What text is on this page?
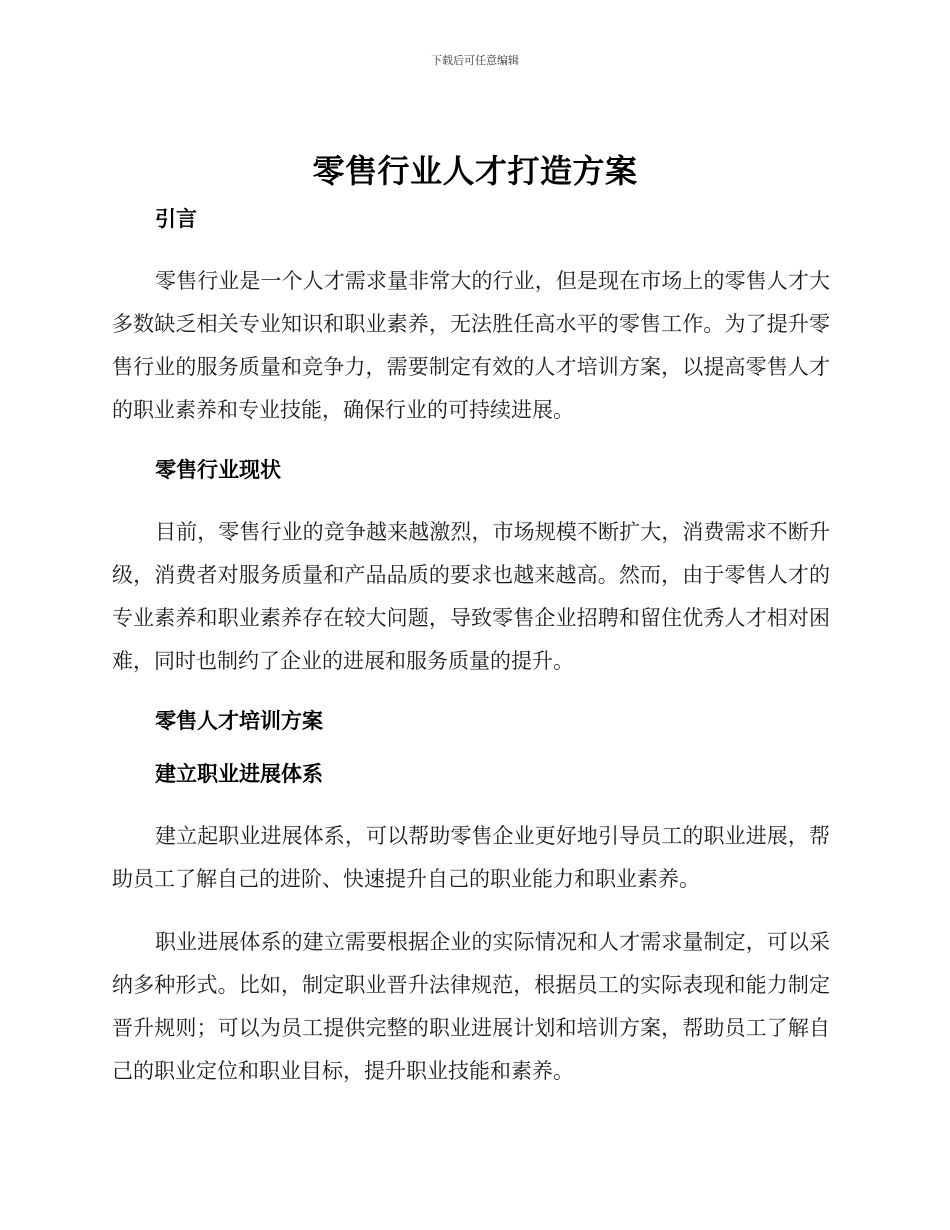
下载后可任意编辑
零售行业人才打造方案
引言

零售行业是一个人才需求量非常大的行业，但是现在市场上的零售人才大多数缺乏相关专业知识和职业素养，无法胜任高水平的零售工作。为了提升零售行业的服务质量和竞争力，需要制定有效的人才培训方案，以提高零售人才的职业素养和专业技能，确保行业的可持续进展。

零售行业现状

目前，零售行业的竞争越来越激烈，市场规模不断扩大，消费需求不断升级，消费者对服务质量和产品品质的要求也越来越高。然而，由于零售人才的专业素养和职业素养存在较大问题，导致零售企业招聘和留住优秀人才相对困难，同时也制约了企业的进展和服务质量的提升。

零售人才培训方案
建立职业进展体系

建立起职业进展体系，可以帮助零售企业更好地引导员工的职业进展，帮助员工了解自己的进阶、快速提升自己的职业能力和职业素养。

职业进展体系的建立需要根据企业的实际情况和人才需求量制定，可以采纳多种形式。比如，制定职业晋升法律规范，根据员工的实际表现和能力制定晋升规则；可以为员工提供完整的职业进展计划和培训方案，帮助员工了解自己的职业定位和职业目标，提升职业技能和素养。
